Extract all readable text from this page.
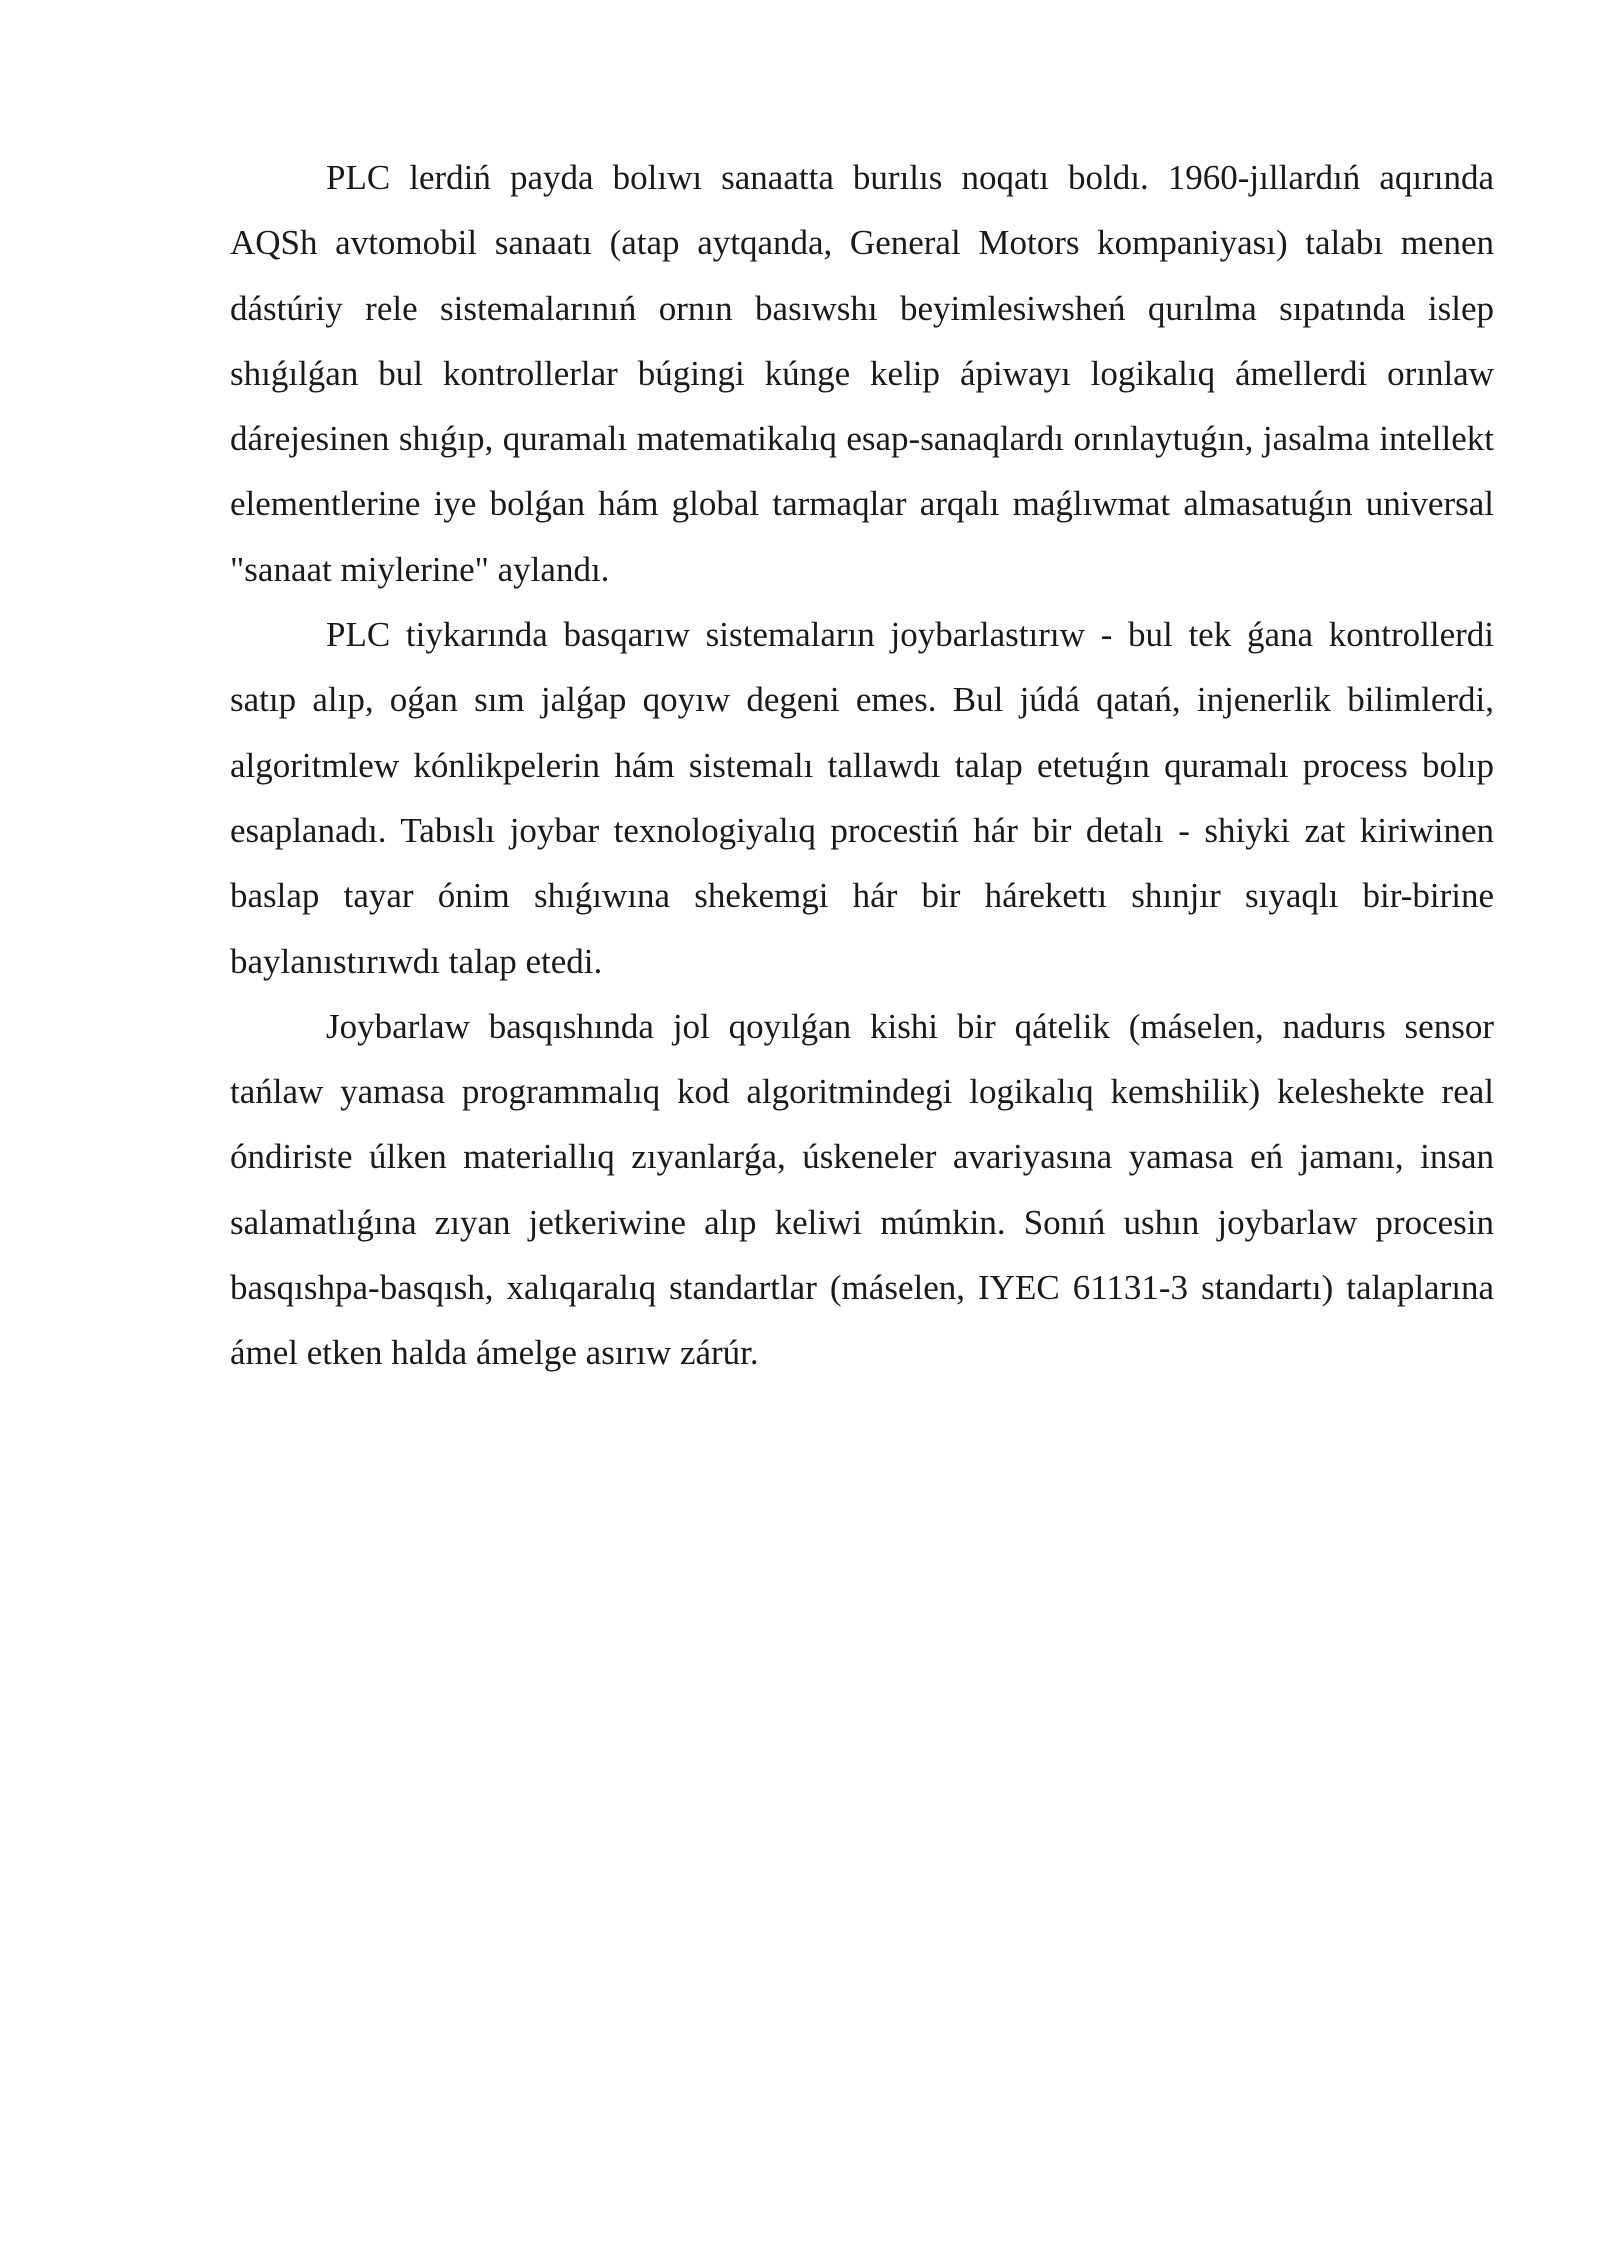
PLC lerdiń payda bolıwı sanaatta burılıs noqatı boldı. 1960-jıllardıń aqırında AQSh avtomobil sanaatı (atap aytqanda, General Motors kompaniyası) talabı menen dástúriy rele sistemalarınıń ornın basıwshı beyimlesiwsheń qurılma sıpatında islep shıǵılǵan bul kontrollerlar búgingi kúnge kelip ápiwayı logikalıq ámellerdi orınlaw dárejesinen shıǵıp, quramalı matematikalıq esap-sanaqlardı orınlaytuǵın, jasalma intellekt elementlerine iye bolǵan hám global tarmaqlar arqalı maǵlıwmat almasatuǵın universal "sanaat miylerine" aylandı.

PLC tiykarında basqarıw sistemaların joybarlastırıw - bul tek ǵana kontrollerdi satıp alıp, oǵan sım jalǵap qoyıw degeni emes. Bul júdá qatań, injenerlik bilimlerdi, algoritmlew kónlikpelerin hám sistemalı tallawdı talap etetuǵın quramalı process bolıp esaplanadı. Tabıslı joybar texnologiyalıq procestiń hár bir detalı - shiyki zat kiriwinen baslap tayar ónim shıǵıwına shekemgi hár bir hárekettı shınjır sıyaqlı bir-birine baylanıstırıwdı talap etedi.

Joybarlaw basqıshında jol qoyılǵan kishi bir qátelik (máselen, nadurıs sensor tańlaw yamasa programmalıq kod algoritmindegi logikalıq kemshilik) keleshekte real óndiriste úlken materiallıq zıyanlarǵa, úskeneler avariyasına yamasa eń jamanı, insan salamatlıǵına zıyan jetkeriwine alıp keliwi múmkin. Sonıń ushın joybarlaw procesin basqıshpa-basqısh, xalıqaralıq standartlar (máselen, IYEC 61131-3 standartı) talaplarına ámel etken halda ámelge asırıw zárúr.
